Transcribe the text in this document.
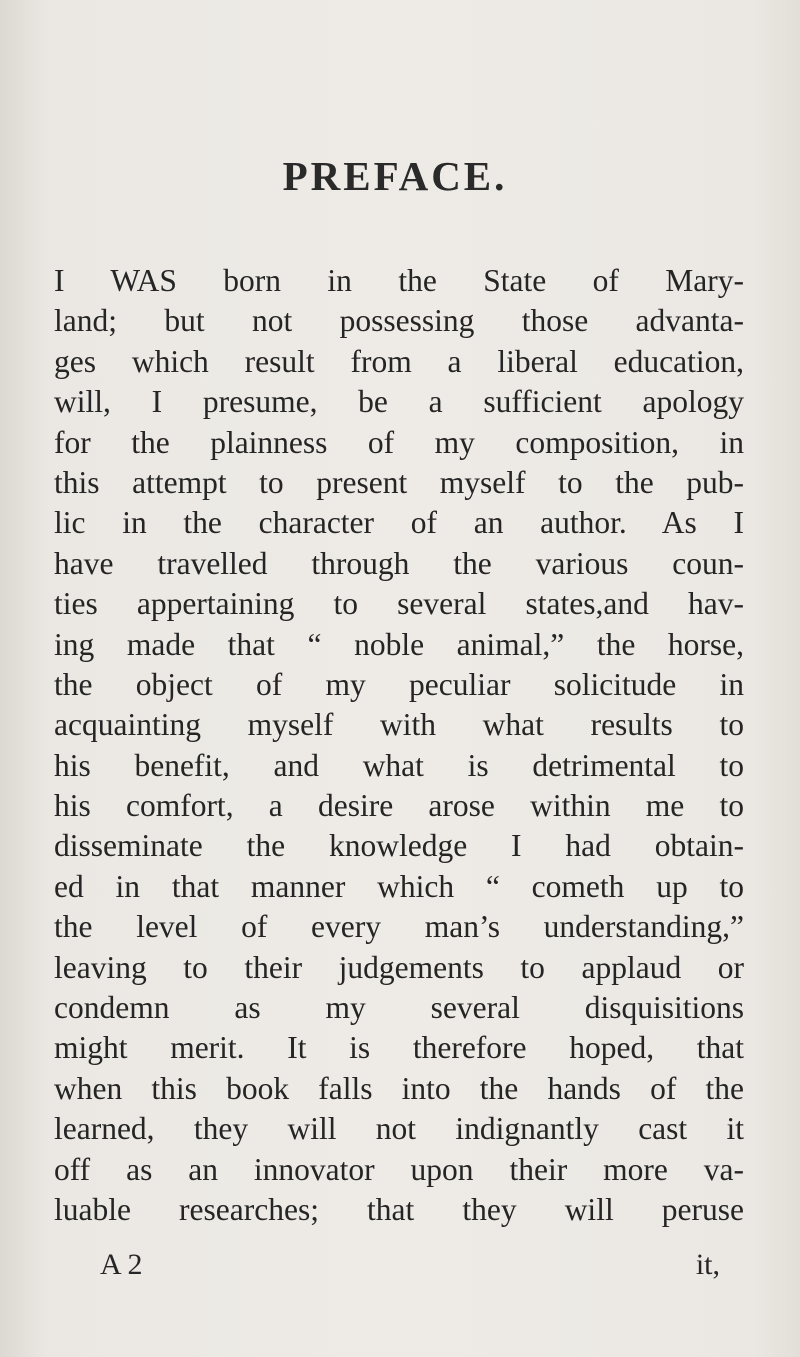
PREFACE.
I WAS born in the State of Mary-
land; but not possessing those advanta-
ges which result from a liberal education,
will, I presume, be a sufficient apology
for the plainness of my composition, in
this attempt to present myself to the pub-
lic in the character of an author. As I
have travelled through the various coun-
ties appertaining to several states,and hav-
ing made that “ noble animal,” the horse,
the object of my peculiar solicitude in
acquainting myself with what results to
his benefit, and what is detrimental to
his comfort, a desire arose within me to
disseminate the knowledge I had obtain-
ed in that manner which “ cometh up to
the level of every man’s understanding,”
leaving to their judgements to applaud or
condemn as my several disquisitions
might merit. It is therefore hoped, that
when this book falls into the hands of the
learned, they will not indignantly cast it
off as an innovator upon their more va-
luable researches; that they will peruse
A 2	it,
